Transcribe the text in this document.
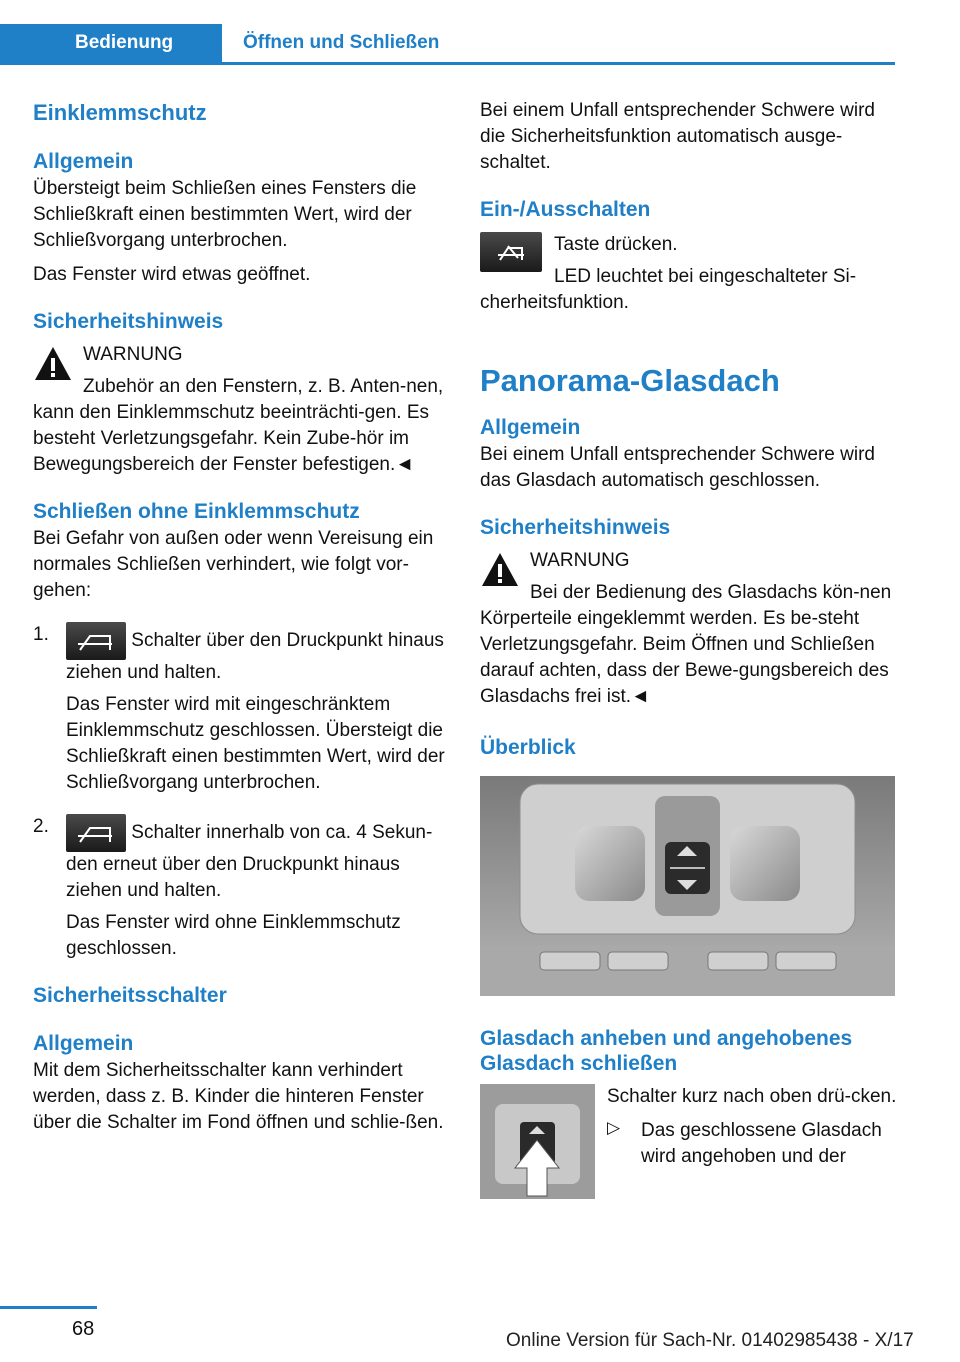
Bedienung	Öffnen und Schließen
Einklemmschutz
Allgemein

Übersteigt beim Schließen eines Fensters die Schließkraft einen bestimmten Wert, wird der Schließvorgang unterbrochen.

Das Fenster wird etwas geöffnet.

Sicherheitshinweis

WARNUNG

Zubehör an den Fenstern, z. B. Anten-nen, kann den Einklemmschutz beeinträchti-gen. Es besteht Verletzungsgefahr. Kein Zube-hör im Bewegungsbereich der Fenster befestigen.◄

Schließen ohne Einklemmschutz

Bei Gefahr von außen oder wenn Vereisung ein normales Schließen verhindert, wie folgt vor-gehen:

1.	Schalter über den Druckpunkt hinaus ziehen und halten.

Das Fenster wird mit eingeschränktem Einklemmschutz geschlossen. Übersteigt die Schließkraft einen bestimmten Wert, wird der Schließvorgang unterbrochen.

2.	Schalter innerhalb von ca. 4 Sekun-den erneut über den Druckpunkt hinaus ziehen und halten.

Das Fenster wird ohne Einklemmschutz geschlossen.

Sicherheitsschalter
Allgemein

Mit dem Sicherheitsschalter kann verhindert werden, dass z. B. Kinder die hinteren Fenster über die Schalter im Fond öffnen und schlie-ßen.

Bei einem Unfall entsprechender Schwere wird die Sicherheitsfunktion automatisch ausge-schaltet.

Ein-/Ausschalten

Taste drücken.

LED leuchtet bei eingeschalteter Si-cherheitsfunktion.

Panorama-Glasdach
Allgemein

Bei einem Unfall entsprechender Schwere wird das Glasdach automatisch geschlossen.

Sicherheitshinweis

WARNUNG

Bei der Bedienung des Glasdachs kön-nen Körperteile eingeklemmt werden. Es be-steht Verletzungsgefahr. Beim Öffnen und Schließen darauf achten, dass der Bewe-gungsbereich des Glasdachs frei ist.◄

Überblick
Glasdach anheben und angehobenes Glasdach schließen

Schalter kurz nach oben drü-cken.

▷ Das geschlossene Glasdach wird angehoben und der

68
Online Version für Sach-Nr. 01402985438 - X/17
